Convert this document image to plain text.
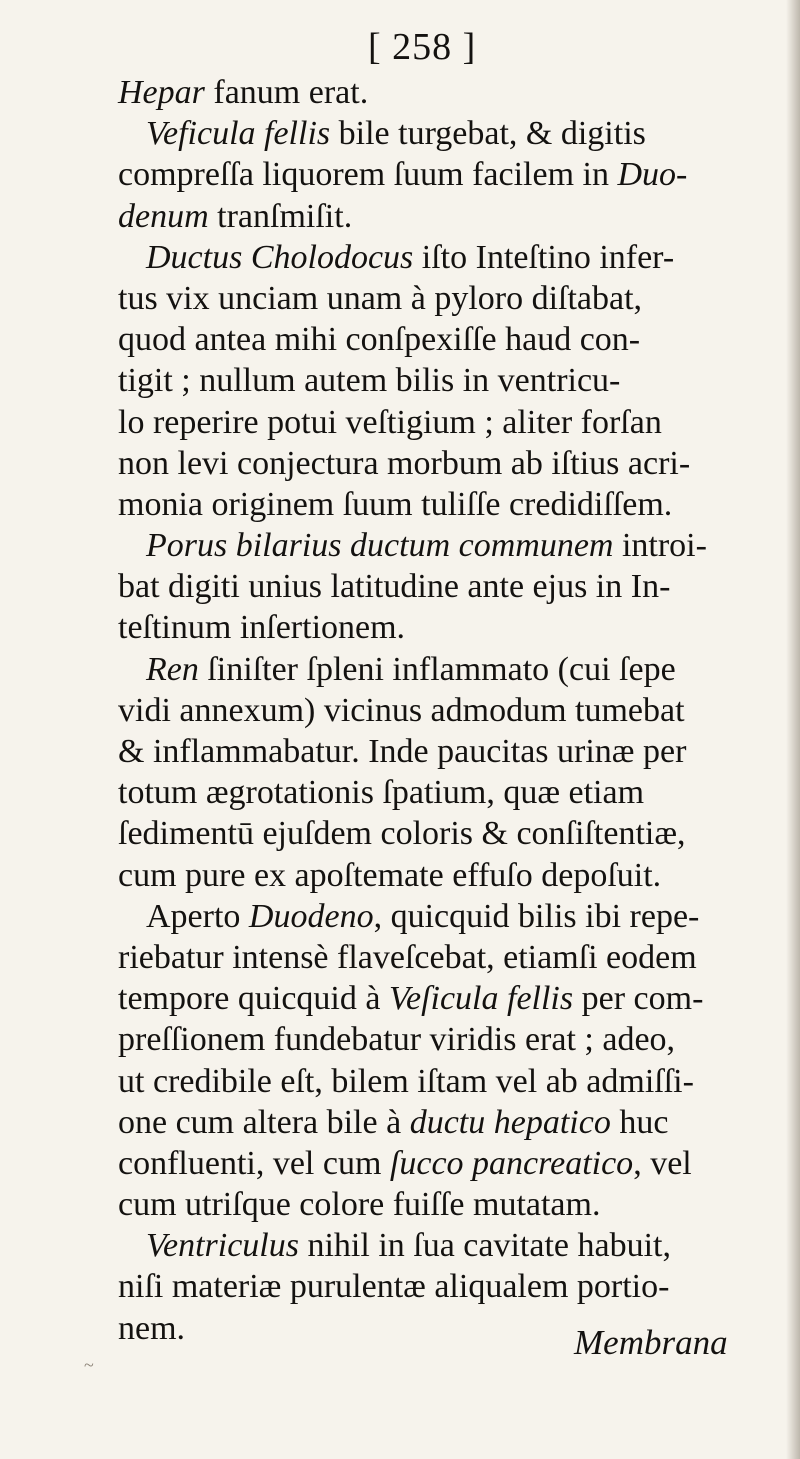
[ 258 ]
Hepar fanum erat.
Veficula fellis bile turgebat, & digitis
compreſſa liquorem ſuum facilem in Duo-
denum tranſmiſit.
Ductus Cholodocus iſto Inteſtino infer-
tus vix unciam unam à pyloro diſtabat,
quod antea mihi conſpexiſſe haud con-
tigit ; nullum autem bilis in ventricu-
lo reperire potui veſtigium ; aliter forſan
non levi conjectura morbum ab iſtius acri-
monia originem ſuum tuliſſe credidiſſem.
Porus bilarius ductum communem introi-
bat digiti unius latitudine ante ejus in In-
teſtinum inſertionem.
Ren ſiniſter ſpleni inflammato (cui ſepe
vidi annexum) vicinus admodum tumebat
& inflammabatur. Inde paucitas urinæ per
totum ægrotationis ſpatium, quæ etiam
ſedimentū ejuſdem coloris & conſiſtentiæ,
cum pure ex apoſtemate effuſo depoſuit.
Aperto Duodeno, quicquid bilis ibi repe-
riebatur intensè flaveſcebat, etiamſi eodem
tempore quicquid à Veſicula fellis per com-
preſſionem fundebatur viridis erat ; adeo,
ut credibile eſt, bilem iſtam vel ab admiſſi-
one cum altera bile à ductu hepatico huc
confluenti, vel cum ſucco pancreatico, vel
cum utriſque colore fuiſſe mutatam.
Ventriculus nihil in ſua cavitate habuit,
niſi materiæ purulentæ aliqualem portio-
nem.	Membrana
~
